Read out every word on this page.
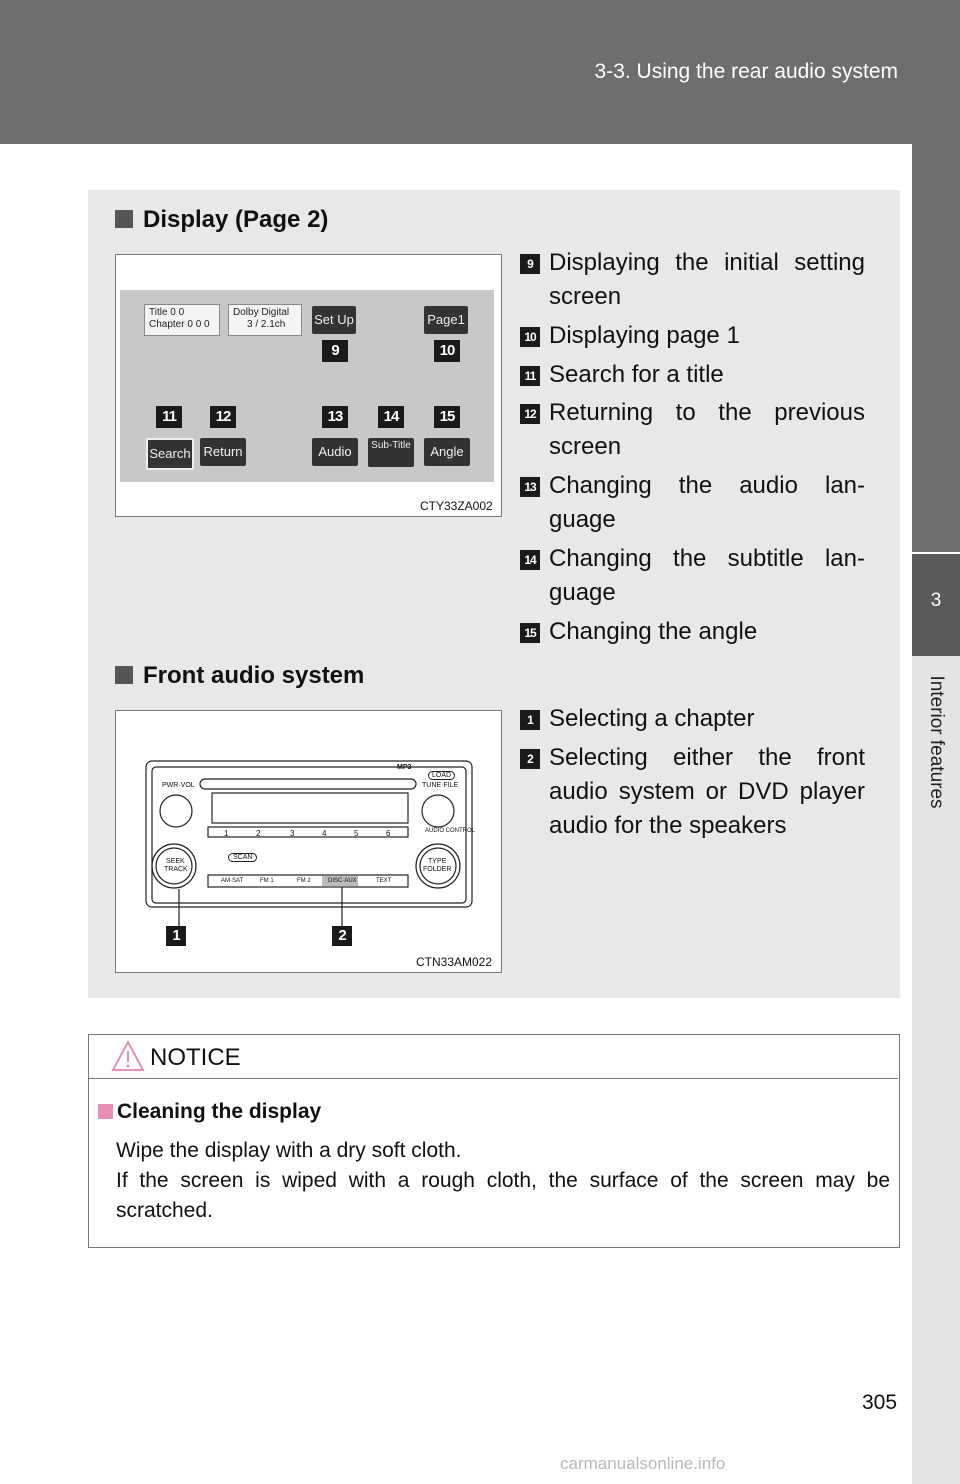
3-3. Using the rear audio system
3
Interior features
Display (Page 2)
Title 0 0
Chapter 0 0 0
Dolby Digital
3 / 2.1ch	Set Up	Page1
Search Return	Audio	Sub-Title	Angle
9	10
11	12	13	14	15
CTY33ZA002
9 Displaying the initial setting screen
10 Displaying page 1
11 Search for a title
12 Returning to the previous screen
13 Changing the audio lan-guage
14 Changing the subtitle lan-guage
15 Changing the angle
Front audio system
PWR·VOL	TUNE·FILE
LOAD
MP3
SCAN
SEEK
TRACK
TYPE
FOLDER
AUDIO CONTROL
1	2	3	4	5	6
AM·SAT	FM 1	FM 2	DISC·AUX	TEXT
1	2
CTN33AM022
1 Selecting a chapter
2 Selecting either the front audio system or DVD player audio for the speakers
NOTICE
Cleaning the display
Wipe the display with a dry soft cloth.
If the screen is wiped with a rough cloth, the surface of the screen may be scratched.
305
carmanualsonline.info
